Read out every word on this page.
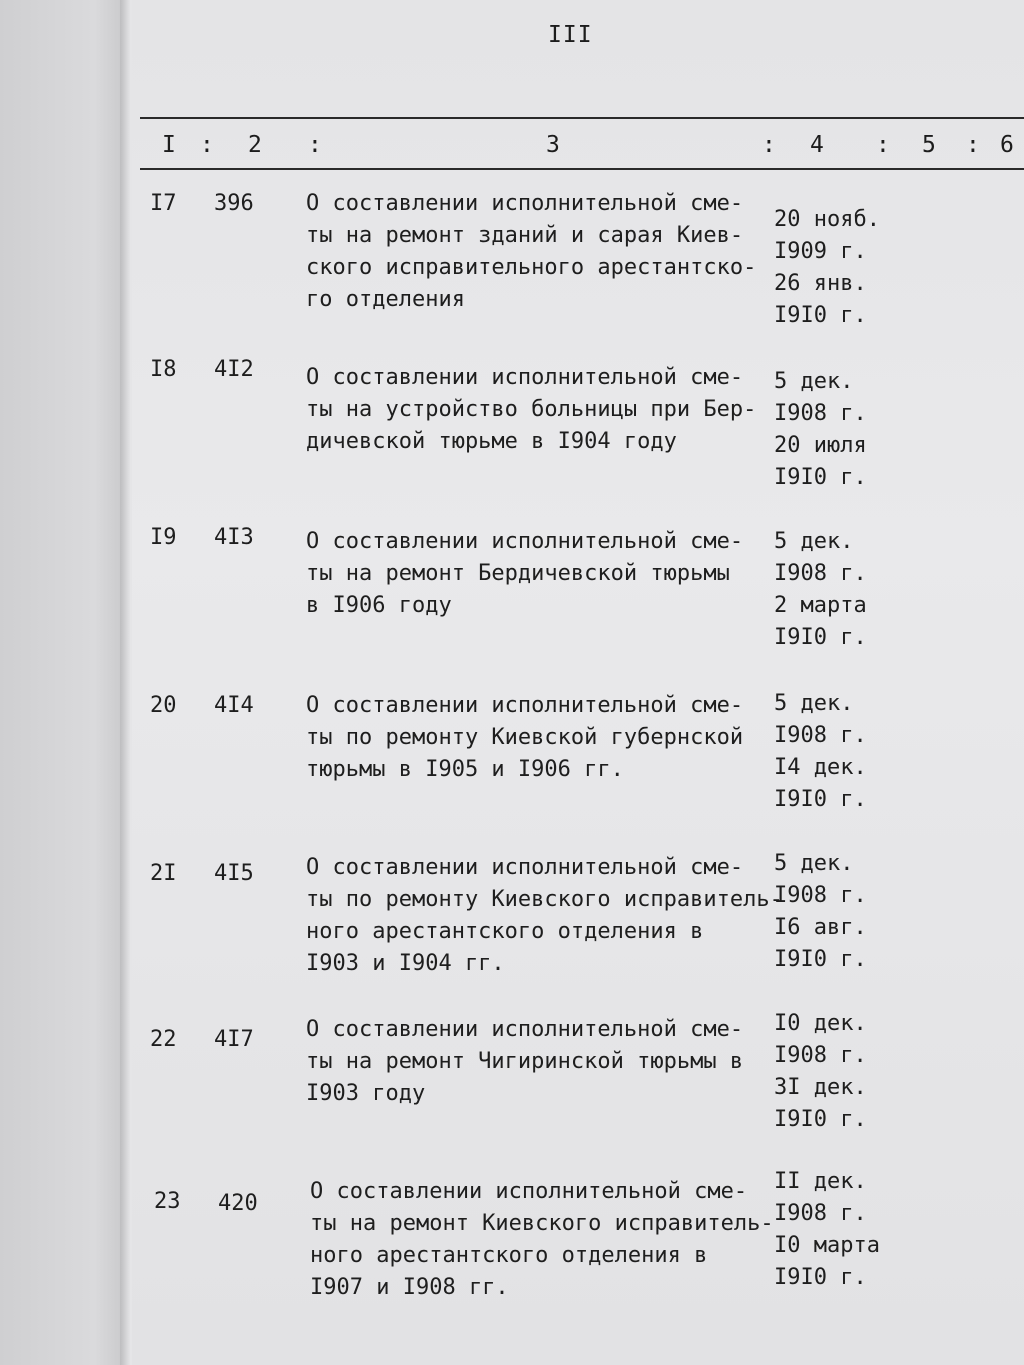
III
I : 2 :	3	: 4 : 5 : 6
I7 396 О составлении исполнительной сме-
ты на ремонт зданий и сарая Киев-
ского исправительного арестантско-
го отделения
20 нояб.
I909 г.
26 янв.
I9I0 г.
I8 4I2 О составлении исполнительной сме-
ты на устройство больницы при Бер-
дичевской тюрьме в I904 году
5 дек.
I908 г.
20 июля
I9I0 г.
I9 4I3 О составлении исполнительной сме-
ты на ремонт Бердичевской тюрьмы
в I906 году
5 дек.
I908 г.
2 марта
I9I0 г.
20 4I4 О составлении исполнительной сме-
ты по ремонту Киевской губернской
тюрьмы в I905 и I906 гг.
5 дек.
I908 г.
I4 дек.
I9I0 г.
2I 4I5 О составлении исполнительной сме-
ты по ремонту Киевского исправитель-
ного арестантского отделения в
I903 и I904 гг.
5 дек.
I908 г.
I6 авг.
I9I0 г.
22 4I7 О составлении исполнительной сме-
ты на ремонт Чигиринской тюрьмы в
I903 году
I0 дек.
I908 г.
3I дек.
I9I0 г.
23 420 О составлении исполнительной сме-
ты на ремонт Киевского исправитель-
ного арестантского отделения в
I907 и I908 гг.
II дек.
I908 г.
I0 марта
I9I0 г.
